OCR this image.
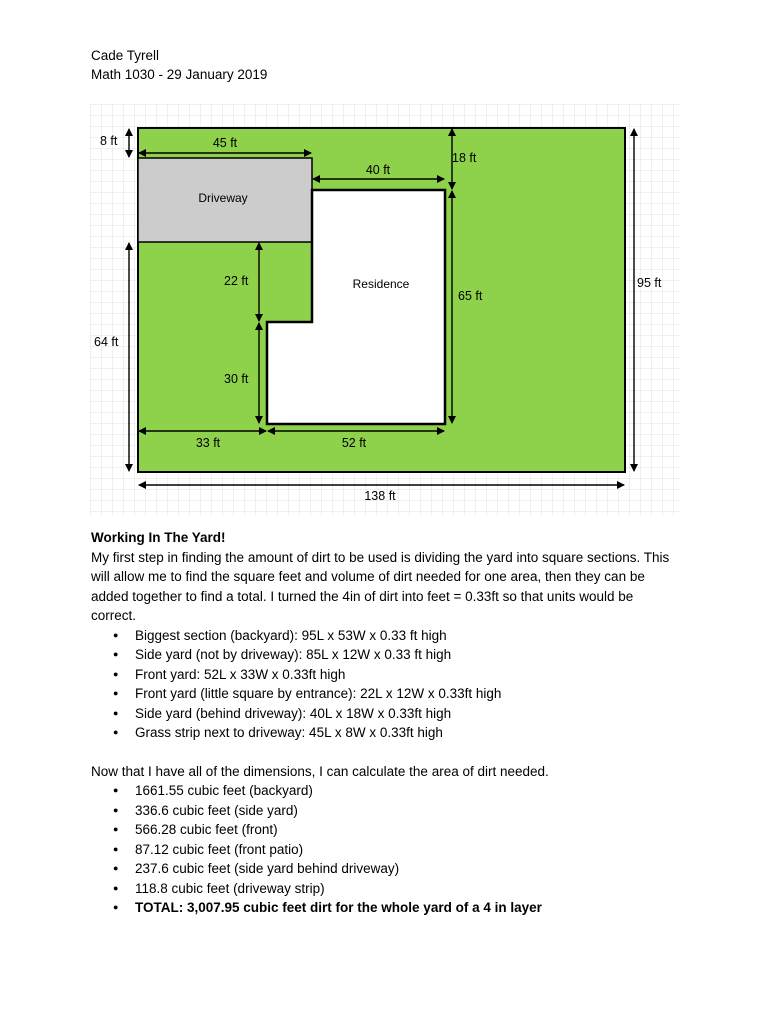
Cade Tyrell
Math 1030 - 29 January 2019
Driveway
Residence
8 ft	45 ft
40 ft
18 ft
22 ft
65 ft
95 ft
64 ft
30 ft
33 ft	52 ft
138 ft

Working In The Yard!

My first step in finding the amount of dirt to be used is dividing the yard into square sections. This will allow me to find the square feet and volume of dirt needed for one area, then they can be added together to find a total. I turned the 4in of dirt into feet = 0.33ft so that units would be correct.

● Biggest section (backyard): 95L x 53W x 0.33 ft high
● Side yard (not by driveway): 85L x 12W x 0.33 ft high
● Front yard: 52L x 33W x 0.33ft high
● Front yard (little square by entrance): 22L x 12W x 0.33ft high
● Side yard (behind driveway): 40L x 18W x 0.33ft high
● Grass strip next to driveway: 45L x 8W x 0.33ft high

Now that I have all of the dimensions, I can calculate the area of dirt needed.

● 1661.55 cubic feet (backyard)
● 336.6 cubic feet (side yard)
● 566.28 cubic feet (front)
● 87.12 cubic feet (front patio)
● 237.6 cubic feet (side yard behind driveway)
● 118.8 cubic feet (driveway strip)
● TOTAL: 3,007.95 cubic feet dirt for the whole yard of a 4 in layer
